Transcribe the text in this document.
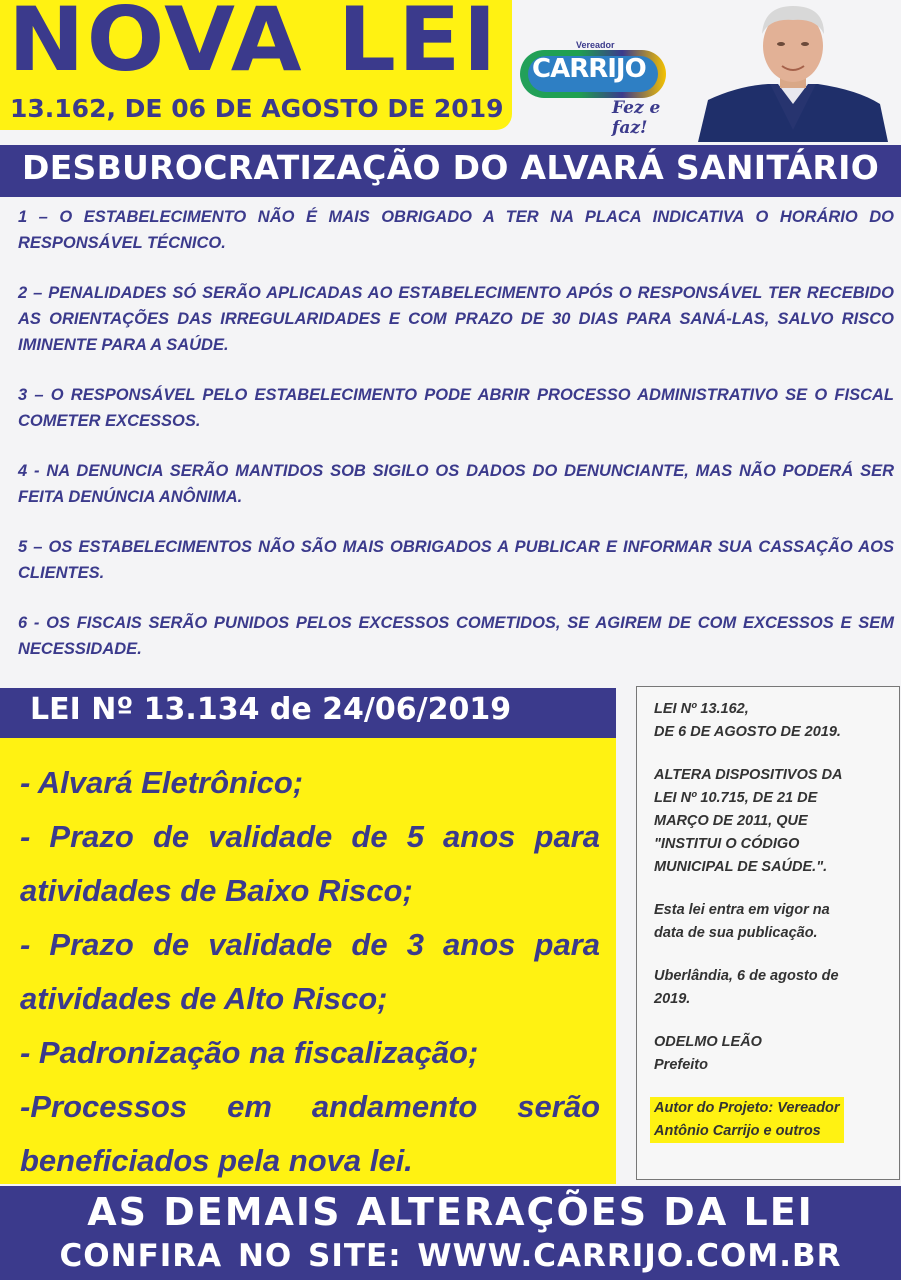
NOVA LEI
13.162, DE 06 DE AGOSTO DE 2019
Vereador
CARRIJO
Fez e faz!
DESBUROCRATIZAÇÃO DO ALVARÁ SANITÁRIO

1 – O ESTABELECIMENTO NÃO É MAIS OBRIGADO A TER NA PLACA INDICATIVA O HORÁRIO DO RESPONSÁVEL TÉCNICO.

2 – PENALIDADES SÓ SERÃO APLICADAS AO ESTABELECIMENTO APÓS O RESPONSÁVEL TER RECEBIDO AS ORIENTAÇÕES DAS IRREGULARIDADES E COM PRAZO DE 30 DIAS PARA SANÁ-LAS, SALVO RISCO IMINENTE PARA A SAÚDE.

3 – O RESPONSÁVEL PELO ESTABELECIMENTO PODE ABRIR PROCESSO ADMINISTRATIVO SE O FISCAL COMETER EXCESSOS.

4 - NA DENUNCIA SERÃO MANTIDOS SOB SIGILO OS DADOS DO DENUNCIANTE, MAS NÃO PODERÁ SER FEITA DENÚNCIA ANÔNIMA.

5 – OS ESTABELECIMENTOS NÃO SÃO MAIS OBRIGADOS A PUBLICAR E INFORMAR SUA CASSAÇÃO AOS CLIENTES.

6 - OS FISCAIS SERÃO PUNIDOS PELOS EXCESSOS COMETIDOS, SE AGIREM DE COM EXCESSOS E SEM NECESSIDADE.

LEI Nº 13.134 de 24/06/2019
- Alvará Eletrônico;
- Prazo de validade de 5 anos para
atividades de Baixo Risco;
- Prazo de validade de 3 anos para
atividades de Alto Risco;
- Padronização na fiscalização;
-Processos em andamento serão
beneficiados pela nova lei.
LEI Nº 13.162,
DE 6 DE AGOSTO DE 2019.
ALTERA DISPOSITIVOS DA
LEI Nº 10.715, DE 21 DE
MARÇO DE 2011, QUE
"INSTITUI O CÓDIGO
MUNICIPAL DE SAÚDE.".
Esta lei entra em vigor na
data de sua publicação.
Uberlândia, 6 de agosto de
2019.
ODELMO LEÃO
Prefeito
Autor do Projeto: Vereador
Antônio Carrijo e outros
AS DEMAIS ALTERAÇÕES DA LEI
CONFIRA NO SITE: WWW.CARRIJO.COM.BR
